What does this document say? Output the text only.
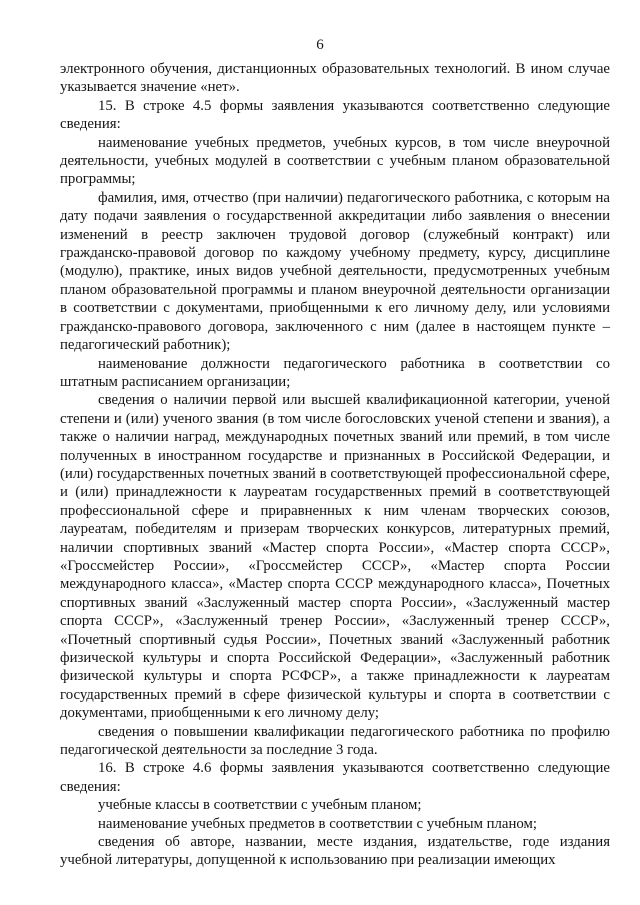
6

электронного обучения, дистанционных образовательных технологий. В ином случае указывается значение «нет».

15. В строке 4.5 формы заявления указываются соответственно следующие сведения:

наименование учебных предметов, учебных курсов, в том числе внеурочной деятельности, учебных модулей в соответствии с учебным планом образовательной программы;

фамилия, имя, отчество (при наличии) педагогического работника, с которым на дату подачи заявления о государственной аккредитации либо заявления о внесении изменений в реестр заключен трудовой договор (служебный контракт) или гражданско-правовой договор по каждому учебному предмету, курсу, дисциплине (модулю), практике, иных видов учебной деятельности, предусмотренных учебным планом образовательной программы и планом внеурочной деятельности организации в соответствии с документами, приобщенными к его личному делу, или условиями гражданско-правового договора, заключенного с ним (далее в настоящем пункте – педагогический работник);

наименование должности педагогического работника в соответствии со штатным расписанием организации;

сведения о наличии первой или высшей квалификационной категории, ученой степени и (или) ученого звания (в том числе богословских ученой степени и звания), а также о наличии наград, международных почетных званий или премий, в том числе полученных в иностранном государстве и признанных в Российской Федерации, и (или) государственных почетных званий в соответствующей профессиональной сфере, и (или) принадлежности к лауреатам государственных премий в соответствующей профессиональной сфере и приравненных к ним членам творческих союзов, лауреатам, победителям и призерам творческих конкурсов, литературных премий, наличии спортивных званий «Мастер спорта России», «Мастер спорта СССР», «Гроссмейстер России», «Гроссмейстер СССР», «Мастер спорта России международного класса», «Мастер спорта СССР международного класса», Почетных спортивных званий «Заслуженный мастер спорта России», «Заслуженный мастер спорта СССР», «Заслуженный тренер России», «Заслуженный тренер СССР», «Почетный спортивный судья России», Почетных званий «Заслуженный работник физической культуры и спорта Российской Федерации», «Заслуженный работник физической культуры и спорта РСФСР», а также принадлежности к лауреатам государственных премий в сфере физической культуры и спорта в соответствии с документами, приобщенными к его личному делу;

сведения о повышении квалификации педагогического работника по профилю педагогической деятельности за последние 3 года.

16. В строке 4.6 формы заявления указываются соответственно следующие сведения:

учебные классы в соответствии с учебным планом;

наименование учебных предметов в соответствии с учебным планом;

сведения об авторе, названии, месте издания, издательстве, годе издания учебной литературы, допущенной к использованию при реализации имеющих
